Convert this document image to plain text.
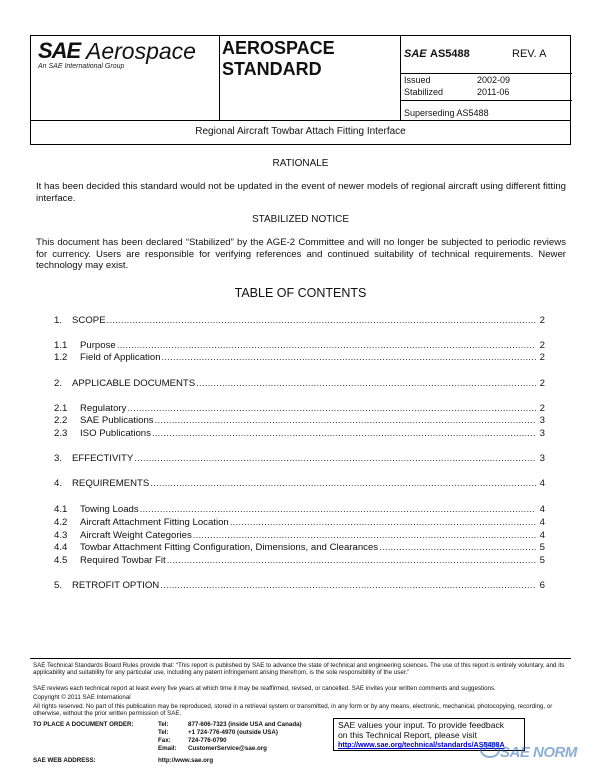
SAE Aerospace
An SAE International Group
AEROSPACE
STANDARD
SAE AS5488	REV. A
Issued	2002-09
Stabilized	2011-06
Superseding AS5488
Regional Aircraft Towbar Attach Fitting Interface
RATIONALE
It has been decided this standard would not be updated in the event of newer models of regional aircraft using different fitting interface.
STABILIZED NOTICE
This document has been declared “Stabilized” by the AGE-2 Committee and will no longer be subjected to periodic reviews for currency. Users are responsible for verifying references and continued suitability of technical requirements. Newer technology may exist.
TABLE OF CONTENTS
1.	SCOPE .....	2
1.1	Purpose .....	2
1.2	Field of Application .....	2
2.	APPLICABLE DOCUMENTS .....	2
2.1	Regulatory .....	2
2.2	SAE Publications .....	3
2.3	ISO Publications .....	3
3.	EFFECTIVITY .....	3
4.	REQUIREMENTS .....	4
4.1	Towing Loads .....	4
4.2	Aircraft Attachment Fitting Location .....	4
4.3	Aircraft Weight Categories .....	4
4.4	Towbar Attachment Fitting Configuration, Dimensions, and Clearances .....	5
4.5	Required Towbar Fit .....	5
5.	RETROFIT OPTION .....	6
SAE Technical Standards Board Rules provide that: “This report is published by SAE to advance the state of technical and engineering sciences. The use of this report is entirely voluntary, and its applicability and suitability for any particular use, including any patent infringement arising therefrom, is the sole responsibility of the user.”
SAE reviews each technical report at least every five years at which time it may be reaffirmed, revised, or cancelled. SAE invites your written comments and suggestions.
Copyright © 2011 SAE International
All rights reserved. No part of this publication may be reproduced, stored in a retrieval system or transmitted, in any form or by any means, electronic, mechanical, photocopying, recording, or otherwise, without the prior written permission of SAE.
TO PLACE A DOCUMENT ORDER:	Tel:	877-606-7323 (inside USA and Canada)
Tel:	+1 724-776-4970 (outside USA)
Fax:	724-776-0790
Email: CustomerService@sae.org
SAE WEB ADDRESS:	http://www.sae.org
SAE values your input. To provide feedback
on this Technical Report, please visit
http://www.sae.org/technical/standards/AS5488A
SAE NORM
